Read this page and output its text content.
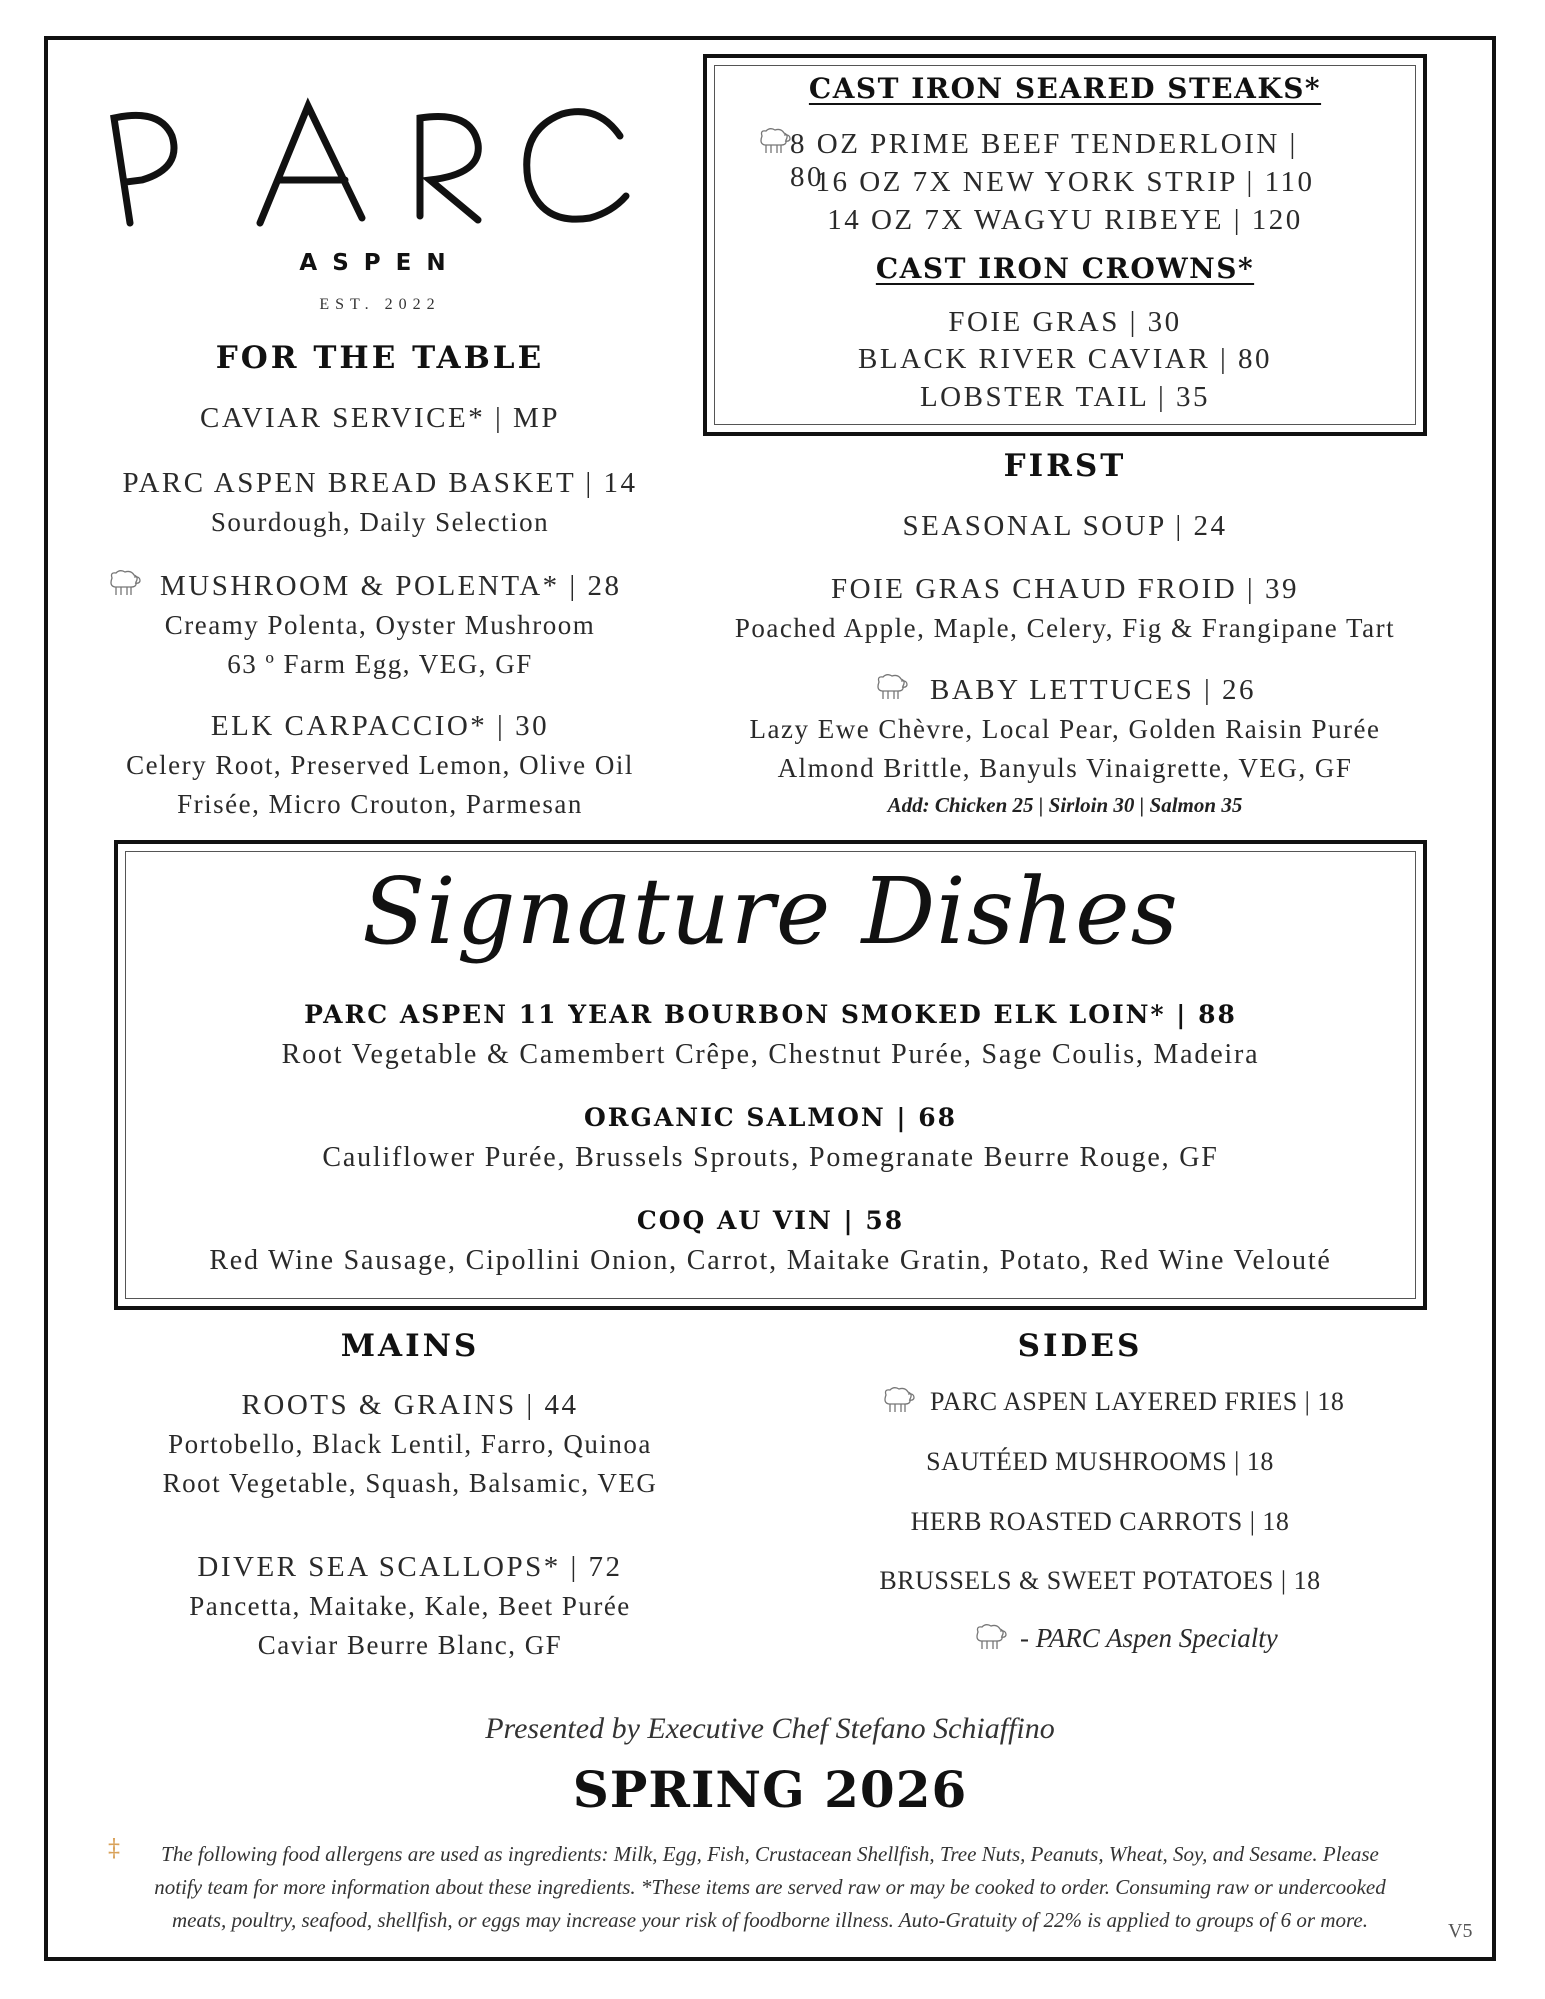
ASPEN
EST. 2022
CAST IRON SEARED STEAKS*
8 OZ PRIME BEEF TENDERLOIN | 80
16 OZ 7X NEW YORK STRIP | 110
14 OZ 7X WAGYU RIBEYE | 120
CAST IRON CROWNS*
FOIE GRAS | 30
BLACK RIVER CAVIAR | 80
LOBSTER TAIL | 35
FOR THE TABLE
CAVIAR SERVICE* | MP
PARC ASPEN BREAD BASKET | 14
Sourdough, Daily Selection
MUSHROOM & POLENTA* | 28
Creamy Polenta, Oyster Mushroom
63 º Farm Egg, VEG, GF
ELK CARPACCIO* | 30
Celery Root, Preserved Lemon, Olive Oil
Frisée, Micro Crouton, Parmesan
FIRST
SEASONAL SOUP | 24
FOIE GRAS CHAUD FROID | 39
Poached Apple, Maple, Celery, Fig & Frangipane Tart
BABY LETTUCES | 26
Lazy Ewe Chèvre, Local Pear, Golden Raisin Purée
Almond Brittle, Banyuls Vinaigrette, VEG, GF
Add: Chicken 25 | Sirloin 30 | Salmon 35
Signature Dishes
PARC ASPEN 11 YEAR BOURBON SMOKED ELK LOIN* | 88
Root Vegetable & Camembert Crêpe, Chestnut Purée, Sage Coulis, Madeira
ORGANIC SALMON | 68
Cauliflower Purée, Brussels Sprouts, Pomegranate Beurre Rouge, GF
COQ AU VIN | 58
Red Wine Sausage, Cipollini Onion, Carrot, Maitake Gratin, Potato, Red Wine Velouté
MAINS
ROOTS & GRAINS | 44
Portobello, Black Lentil, Farro, Quinoa
Root Vegetable, Squash, Balsamic, VEG
DIVER SEA SCALLOPS* | 72
Pancetta, Maitake, Kale, Beet Purée
Caviar Beurre Blanc, GF
SIDES
PARC ASPEN LAYERED FRIES | 18
SAUTÉED MUSHROOMS | 18
HERB ROASTED CARROTS | 18
BRUSSELS & SWEET POTATOES | 18
- PARC Aspen Specialty
Presented by Executive Chef Stefano Schiaffino
SPRING 2026
‡	The following food allergens are used as ingredients: Milk, Egg, Fish, Crustacean Shellfish, Tree Nuts, Peanuts, Wheat, Soy, and Sesame. Please
notify team for more information about these ingredients. *These items are served raw or may be cooked to order. Consuming raw or undercooked
meats, poultry, seafood, shellfish, or eggs may increase your risk of foodborne illness. Auto-Gratuity of 22% is applied to groups of 6 or more.	V5
